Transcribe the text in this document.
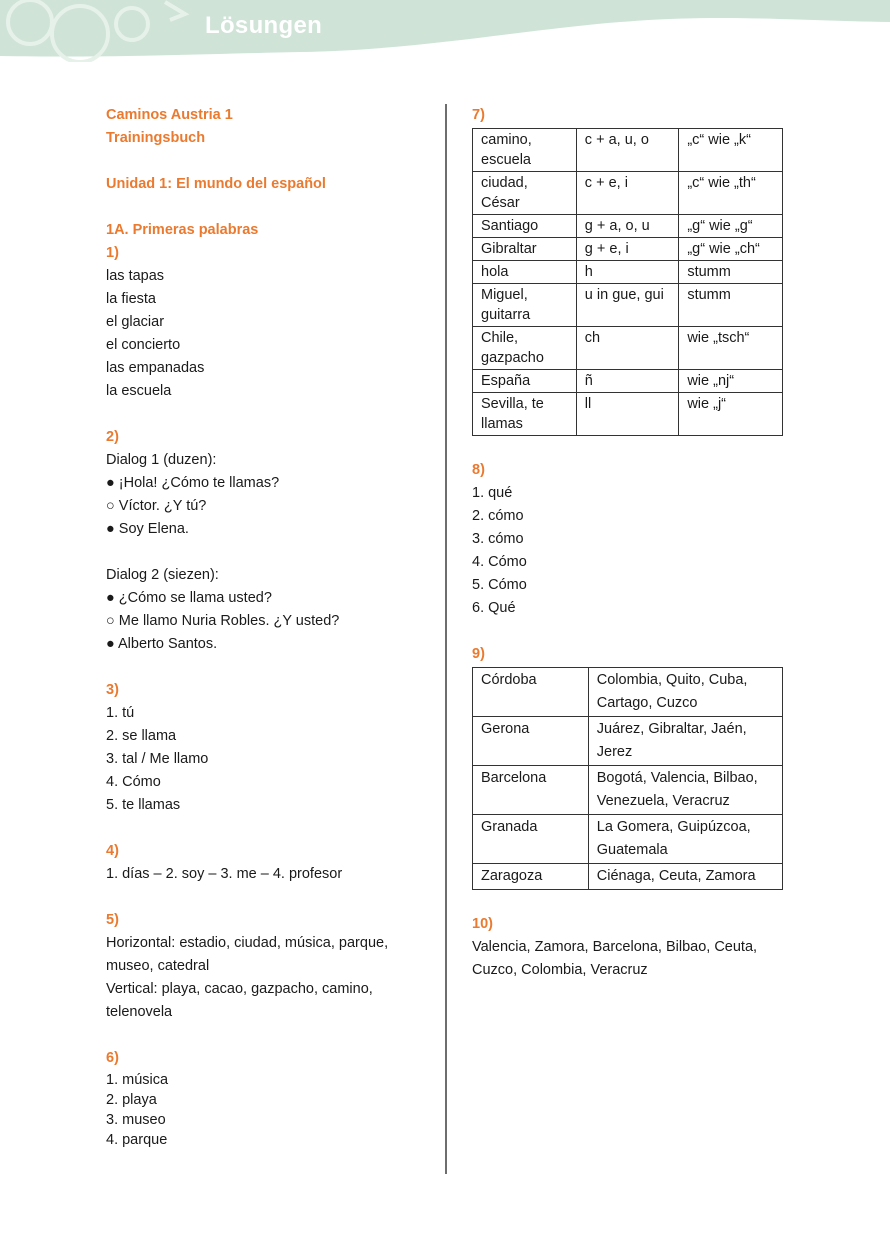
Lösungen

Caminos Austria 1

Trainingsbuch

Unidad 1: El mundo del español

1A. Primeras palabras

1)

las tapas

la fiesta

el glaciar

el concierto

las empanadas

la escuela

2)

Dialog 1 (duzen):

● ¡Hola! ¿Cómo te llamas?

○ Víctor. ¿Y tú?

● Soy Elena.

Dialog 2 (siezen):

● ¿Cómo se llama usted?

○ Me llamo Nuria Robles. ¿Y usted?

● Alberto Santos.

3)

1. tú

2. se llama

3. tal / Me llamo

4. Cómo

5. te llamas

4)

1. días – 2. soy – 3. me – 4. profesor

5)

Horizontal: estadio, ciudad, música, parque,

museo, catedral

Vertical: playa, cacao, gazpacho, camino,

telenovela

6)

1. música

2. playa

3. museo

4. parque

7)

camino, escuela	c + a, u, o	„c“ wie „k“
ciudad, César	c + e, i	„c“ wie „th“
Santiago	g + a, o, u	„g“ wie „g“
Gibraltar	g + e, i	„g“ wie „ch“
hola	h	stumm
Miguel, guitarra	u in gue, gui	stumm
Chile, gazpacho	ch	wie „tsch“
España	ñ	wie „nj“
Sevilla, te llamas	ll	wie „j“

8)

1. qué

2. cómo

3. cómo

4. Cómo

5. Cómo

6. Qué

9)

Córdoba	Colombia, Quito, Cuba, Cartago, Cuzco
Gerona	Juárez, Gibraltar, Jaén, Jerez
Barcelona	Bogotá, Valencia, Bilbao, Venezuela, Veracruz
Granada	La Gomera, Guipúzcoa, Guatemala
Zaragoza	Ciénaga, Ceuta, Zamora

10)

Valencia, Zamora, Barcelona, Bilbao, Ceuta,

Cuzco, Colombia, Veracruz
